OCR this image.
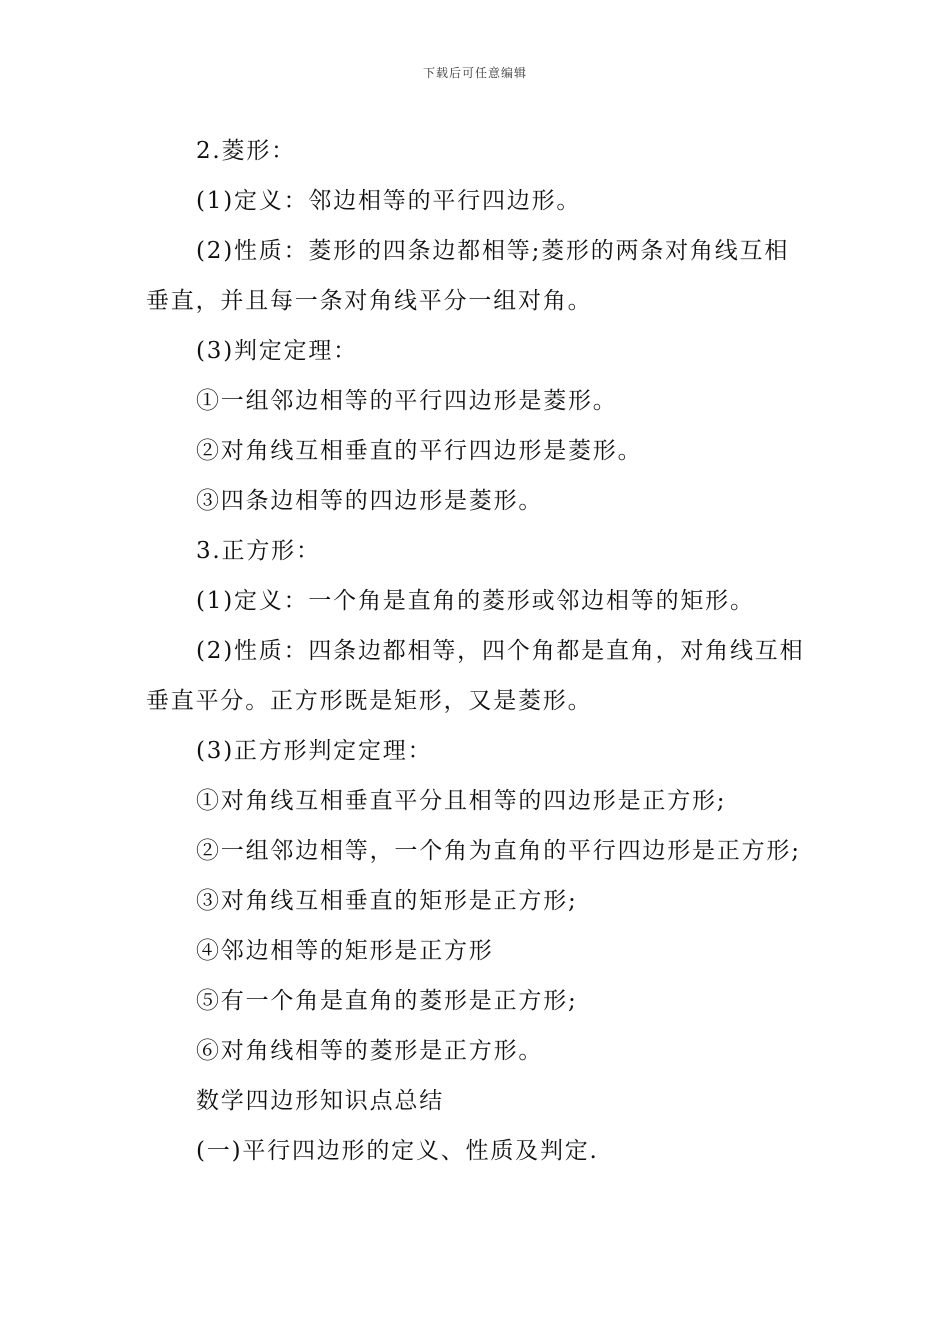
下载后可任意编辑

2.菱形：

(1)定义：邻边相等的平行四边形。

(2)性质：菱形的四条边都相等;菱形的两条对角线互相垂直，并且每一条对角线平分一组对角。

(3)判定定理：

①一组邻边相等的平行四边形是菱形。

②对角线互相垂直的平行四边形是菱形。

③四条边相等的四边形是菱形。

3.正方形：

(1)定义：一个角是直角的菱形或邻边相等的矩形。

(2)性质：四条边都相等，四个角都是直角，对角线互相垂直平分。正方形既是矩形，又是菱形。

(3)正方形判定定理：

①对角线互相垂直平分且相等的四边形是正方形;

②一组邻边相等，一个角为直角的平行四边形是正方形;

③对角线互相垂直的矩形是正方形;

④邻边相等的矩形是正方形

⑤有一个角是直角的菱形是正方形;

⑥对角线相等的菱形是正方形。

数学四边形知识点总结

(一)平行四边形的定义、性质及判定.
